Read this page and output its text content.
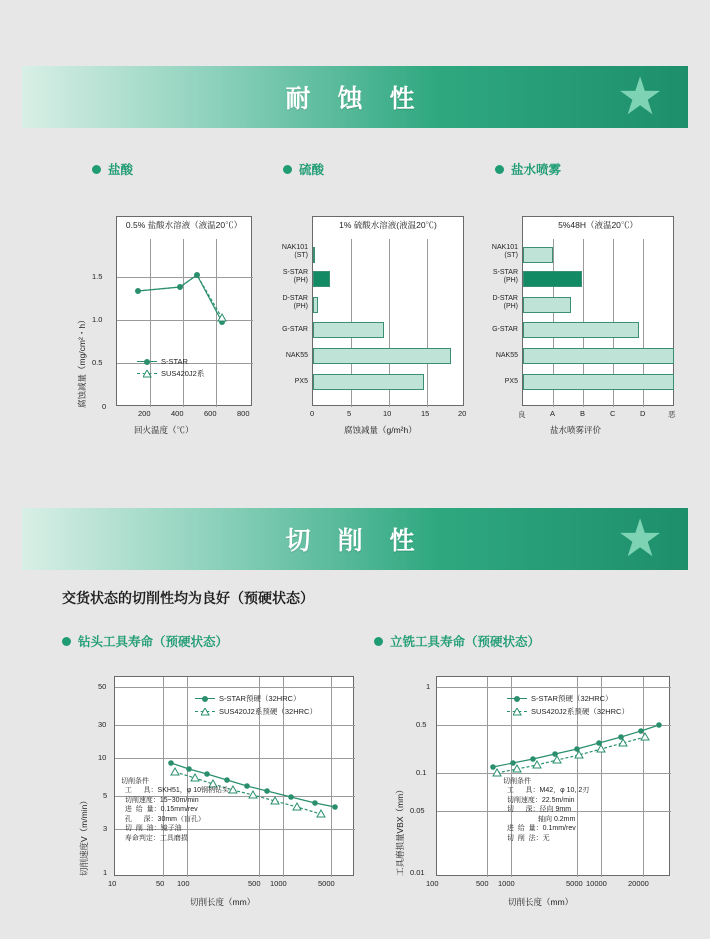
耐 蚀 性	★
盐酸	硫酸	盐水喷雾
腐蚀减量（mg/cm²・h）
0.5% 盐酸水溶液（液温20℃）
S-STAR
SUS420J2系
0
0.5
1.0
1.5
200	400	600	800
回火温度（℃）
1% 硫酸水溶液(液温20℃)
NAK101
(ST)
S-STAR
(PH)
D-STAR
(PH)
G-STAR
NAK55
PX5
0	5	10	15	20
腐蚀减量（g/m²h）
5%48H（液温20℃）
NAK101
(ST)
S-STAR
(PH)
D-STAR
(PH)
G-STAR
NAK55
PX5
良	A	B	C	D	恶
盐水喷雾评价
切 削 性	★
交货状态的切削性均为良好（预硬状态）
钻头工具寿命（预硬状态）	立铣工具寿命（预硬状态）
切削速度V（m/min）
S-STAR预硬（32HRC）
SUS420J2系预硬（32HRC）
切削条件
工      具：SKH51，φ 10钢柄钻头
切削速度：15~30m/min
进  给  量：0.15mm/rev
孔      深：30mm（盲孔）
切  削  油：镜子油
寿命判定：工具磨损
50
30
10
5
3
1
10	50 100	500 1000	5000
切削长度（mm）
工具磨损量VBX（mm）
S-STAR预硬（32HRC）
SUS420J2系预硬（32HRC）
切削条件
工      具：M42，φ 10, 2刃
切削速度：22.5m/min
切      深：径向 9mm
轴向 0.2mm
进  给  量：0.1mm/rev
切  削  法：无
1
0.5
0.1
0.05
0.01
100	500 1000	5000 10000	20000
切削长度（mm）
